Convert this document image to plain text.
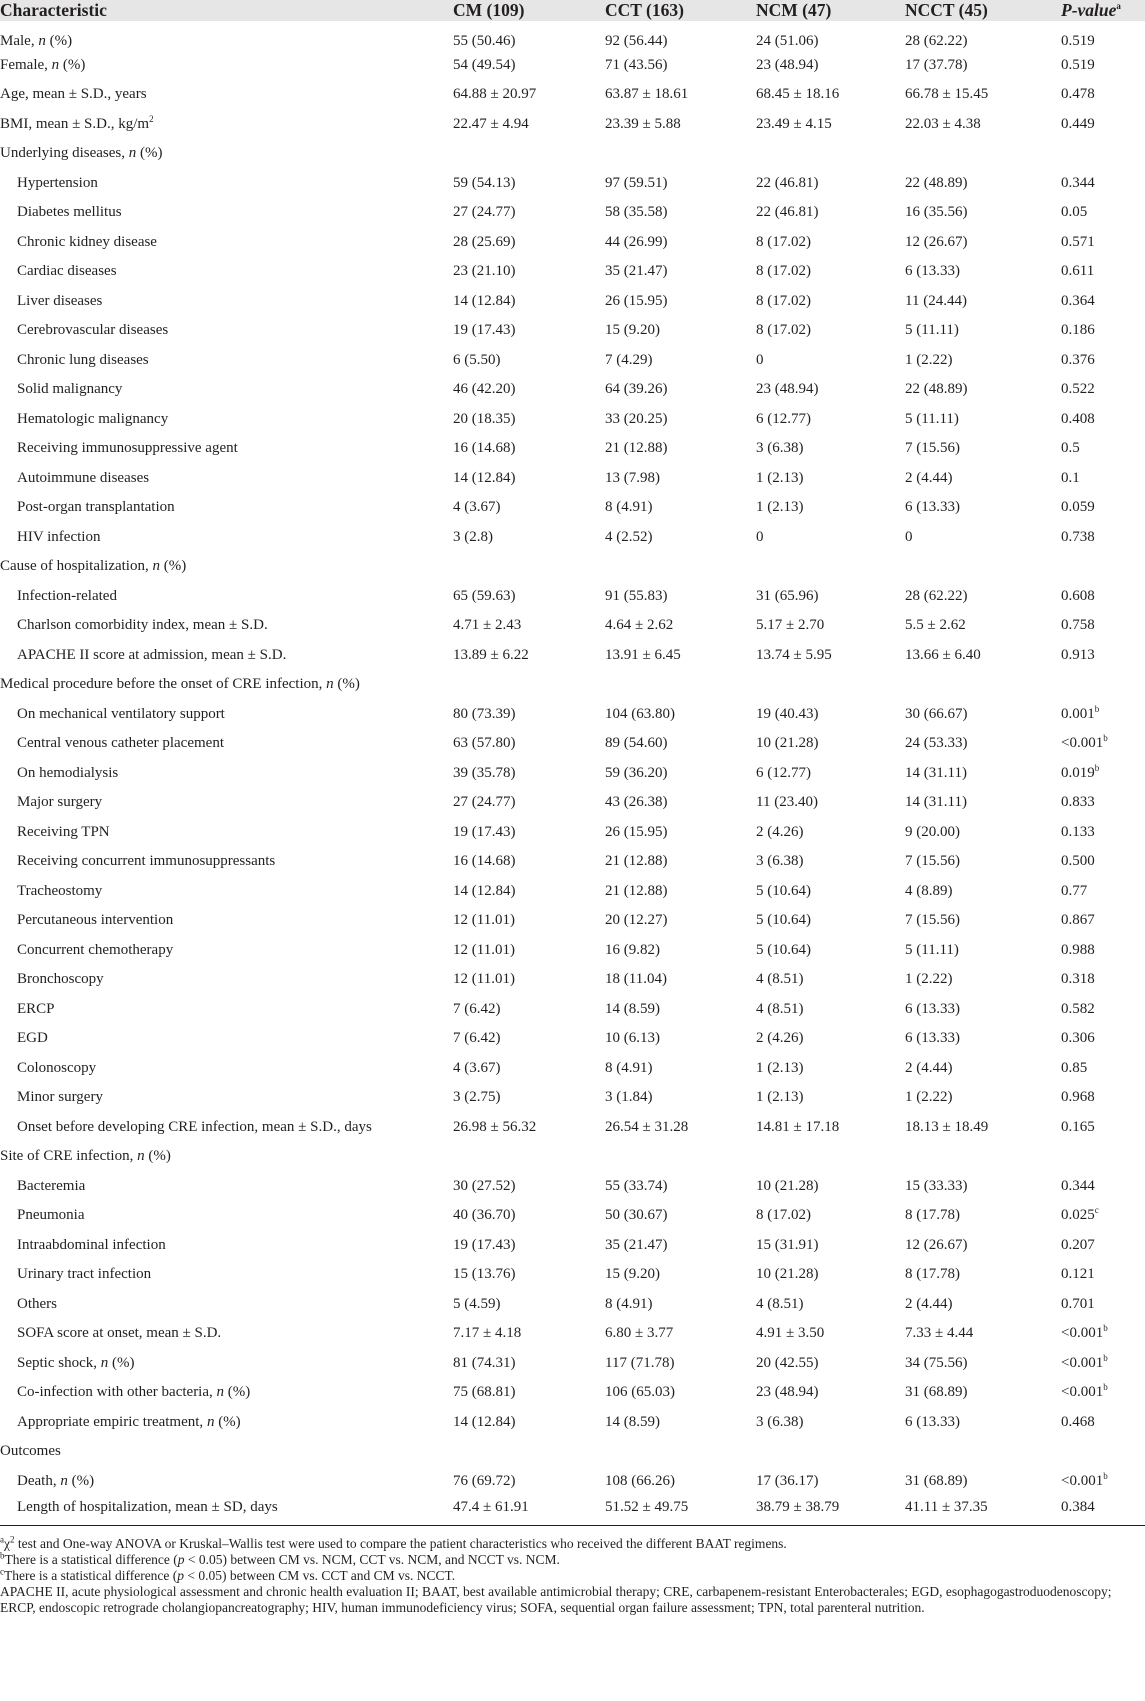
Characteristic	CM (109)	CCT (163)	NCM (47)	NCCT (45)	P-value$^a$
Male, n (%)	55 (50.46)	92 (56.44)	24 (51.06)	28 (62.22)	0.519
Female, n (%)	54 (49.54)	71 (43.56)	23 (48.94)	17 (37.78)	0.519
Age, mean ± S.D., years	64.88 ± 20.97	63.87 ± 18.61	68.45 ± 18.16	66.78 ± 15.45	0.478
BMI, mean ± S.D., $kg/m^2$	22.47 ± 4.94	23.39 ± 5.88	23.49 ± 4.15	22.03 ± 4.38	0.449
Underlying diseases, n (%)					
Hypertension	59 (54.13)	97 (59.51)	22 (46.81)	22 (48.89)	0.344
Diabetes mellitus	27 (24.77)	58 (35.58)	22 (46.81)	16 (35.56)	0.05
Chronic kidney disease	28 (25.69)	44 (26.99)	8 (17.02)	12 (26.67)	0.571
Cardiac diseases	23 (21.10)	35 (21.47)	8 (17.02)	6 (13.33)	0.611
Liver diseases	14 (12.84)	26 (15.95)	8 (17.02)	11 (24.44)	0.364
Cerebrovascular diseases	19 (17.43)	15 (9.20)	8 (17.02)	5 (11.11)	0.186
Chronic lung diseases	6 (5.50)	7 (4.29)	0	1 (2.22)	0.376
Solid malignancy	46 (42.20)	64 (39.26)	23 (48.94)	22 (48.89)	0.522
Hematologic malignancy	20 (18.35)	33 (20.25)	6 (12.77)	5 (11.11)	0.408
Receiving immunosuppressive agent	16 (14.68)	21 (12.88)	3 (6.38)	7 (15.56)	0.5
Autoimmune diseases	14 (12.84)	13 (7.98)	1 (2.13)	2 (4.44)	0.1
Post-organ transplantation	4 (3.67)	8 (4.91)	1 (2.13)	6 (13.33)	0.059
HIV infection	3 (2.8)	4 (2.52)	0	0	0.738
Cause of hospitalization, n (%)					
Infection-related	65 (59.63)	91 (55.83)	31 (65.96)	28 (62.22)	0.608
Charlson comorbidity index, mean ± S.D.	4.71 ± 2.43	4.64 ± 2.62	5.17 ± 2.70	5.5 ± 2.62	0.758
APACHE II score at admission, mean ± S.D.	13.89 ± 6.22	13.91 ± 6.45	13.74 ± 5.95	13.66 ± 6.40	0.913
Medical procedure before the onset of CRE infection, n (%)					
On mechanical ventilatory support	80 (73.39)	104 (63.80)	19 (40.43)	30 (66.67)	0.001$^b$
Central venous catheter placement	63 (57.80)	89 (54.60)	10 (21.28)	24 (53.33)	<0.001$^b$
On hemodialysis	39 (35.78)	59 (36.20)	6 (12.77)	14 (31.11)	0.019$^b$
Major surgery	27 (24.77)	43 (26.38)	11 (23.40)	14 (31.11)	0.833
Receiving TPN	19 (17.43)	26 (15.95)	2 (4.26)	9 (20.00)	0.133
Receiving concurrent immunosuppressants	16 (14.68)	21 (12.88)	3 (6.38)	7 (15.56)	0.500
Tracheostomy	14 (12.84)	21 (12.88)	5 (10.64)	4 (8.89)	0.77
Percutaneous intervention	12 (11.01)	20 (12.27)	5 (10.64)	7 (15.56)	0.867
Concurrent chemotherapy	12 (11.01)	16 (9.82)	5 (10.64)	5 (11.11)	0.988
Bronchoscopy	12 (11.01)	18 (11.04)	4 (8.51)	1 (2.22)	0.318
ERCP	7 (6.42)	14 (8.59)	4 (8.51)	6 (13.33)	0.582
EGD	7 (6.42)	10 (6.13)	2 (4.26)	6 (13.33)	0.306
Colonoscopy	4 (3.67)	8 (4.91)	1 (2.13)	2 (4.44)	0.85
Minor surgery	3 (2.75)	3 (1.84)	1 (2.13)	1 (2.22)	0.968
Onset before developing CRE infection, mean ± S.D., days	26.98 ± 56.32	26.54 ± 31.28	14.81 ± 17.18	18.13 ± 18.49	0.165
Site of CRE infection, n (%)					
Bacteremia	30 (27.52)	55 (33.74)	10 (21.28)	15 (33.33)	0.344
Pneumonia	40 (36.70)	50 (30.67)	8 (17.02)	8 (17.78)	0.025$^c$
Intraabdominal infection	19 (17.43)	35 (21.47)	15 (31.91)	12 (26.67)	0.207
Urinary tract infection	15 (13.76)	15 (9.20)	10 (21.28)	8 (17.78)	0.121
Others	5 (4.59)	8 (4.91)	4 (8.51)	2 (4.44)	0.701
SOFA score at onset, mean ± S.D.	7.17 ± 4.18	6.80 ± 3.77	4.91 ± 3.50	7.33 ± 4.44	<0.001$^b$
Septic shock, n (%)	81 (74.31)	117 (71.78)	20 (42.55)	34 (75.56)	<0.001$^b$
Co-infection with other bacteria, n (%)	75 (68.81)	106 (65.03)	23 (48.94)	31 (68.89)	<0.001$^b$
Appropriate empiric treatment, n (%)	14 (12.84)	14 (8.59)	3 (6.38)	6 (13.33)	0.468
Outcomes					
Death, n (%)	76 (69.72)	108 (66.26)	17 (36.17)	31 (68.89)	<0.001$^b$
Length of hospitalization, mean ± SD, days	47.4 ± 61.91	51.52 ± 49.75	38.79 ± 38.79	41.11 ± 37.35	0.384
$^a\chi^2$ test and One-way ANOVA or Kruskal–Wallis test were used to compare the patient characteristics who received the different BAAT regimens.
$^b$There is a statistical difference (p < 0.05) between CM vs. NCM, CCT vs. NCM, and NCCT vs. NCM.
$^c$There is a statistical difference (p < 0.05) between CM vs. CCT and CM vs. NCCT.
APACHE II, acute physiological assessment and chronic health evaluation II; BAAT, best available antimicrobial therapy; CRE, carbapenem-resistant Enterobacterales; EGD, esophagogastroduodenoscopy; ERCP, endoscopic retrograde cholangiopancreatography; HIV, human immunodeficiency virus; SOFA, sequential organ failure assessment; TPN, total parenteral nutrition.
